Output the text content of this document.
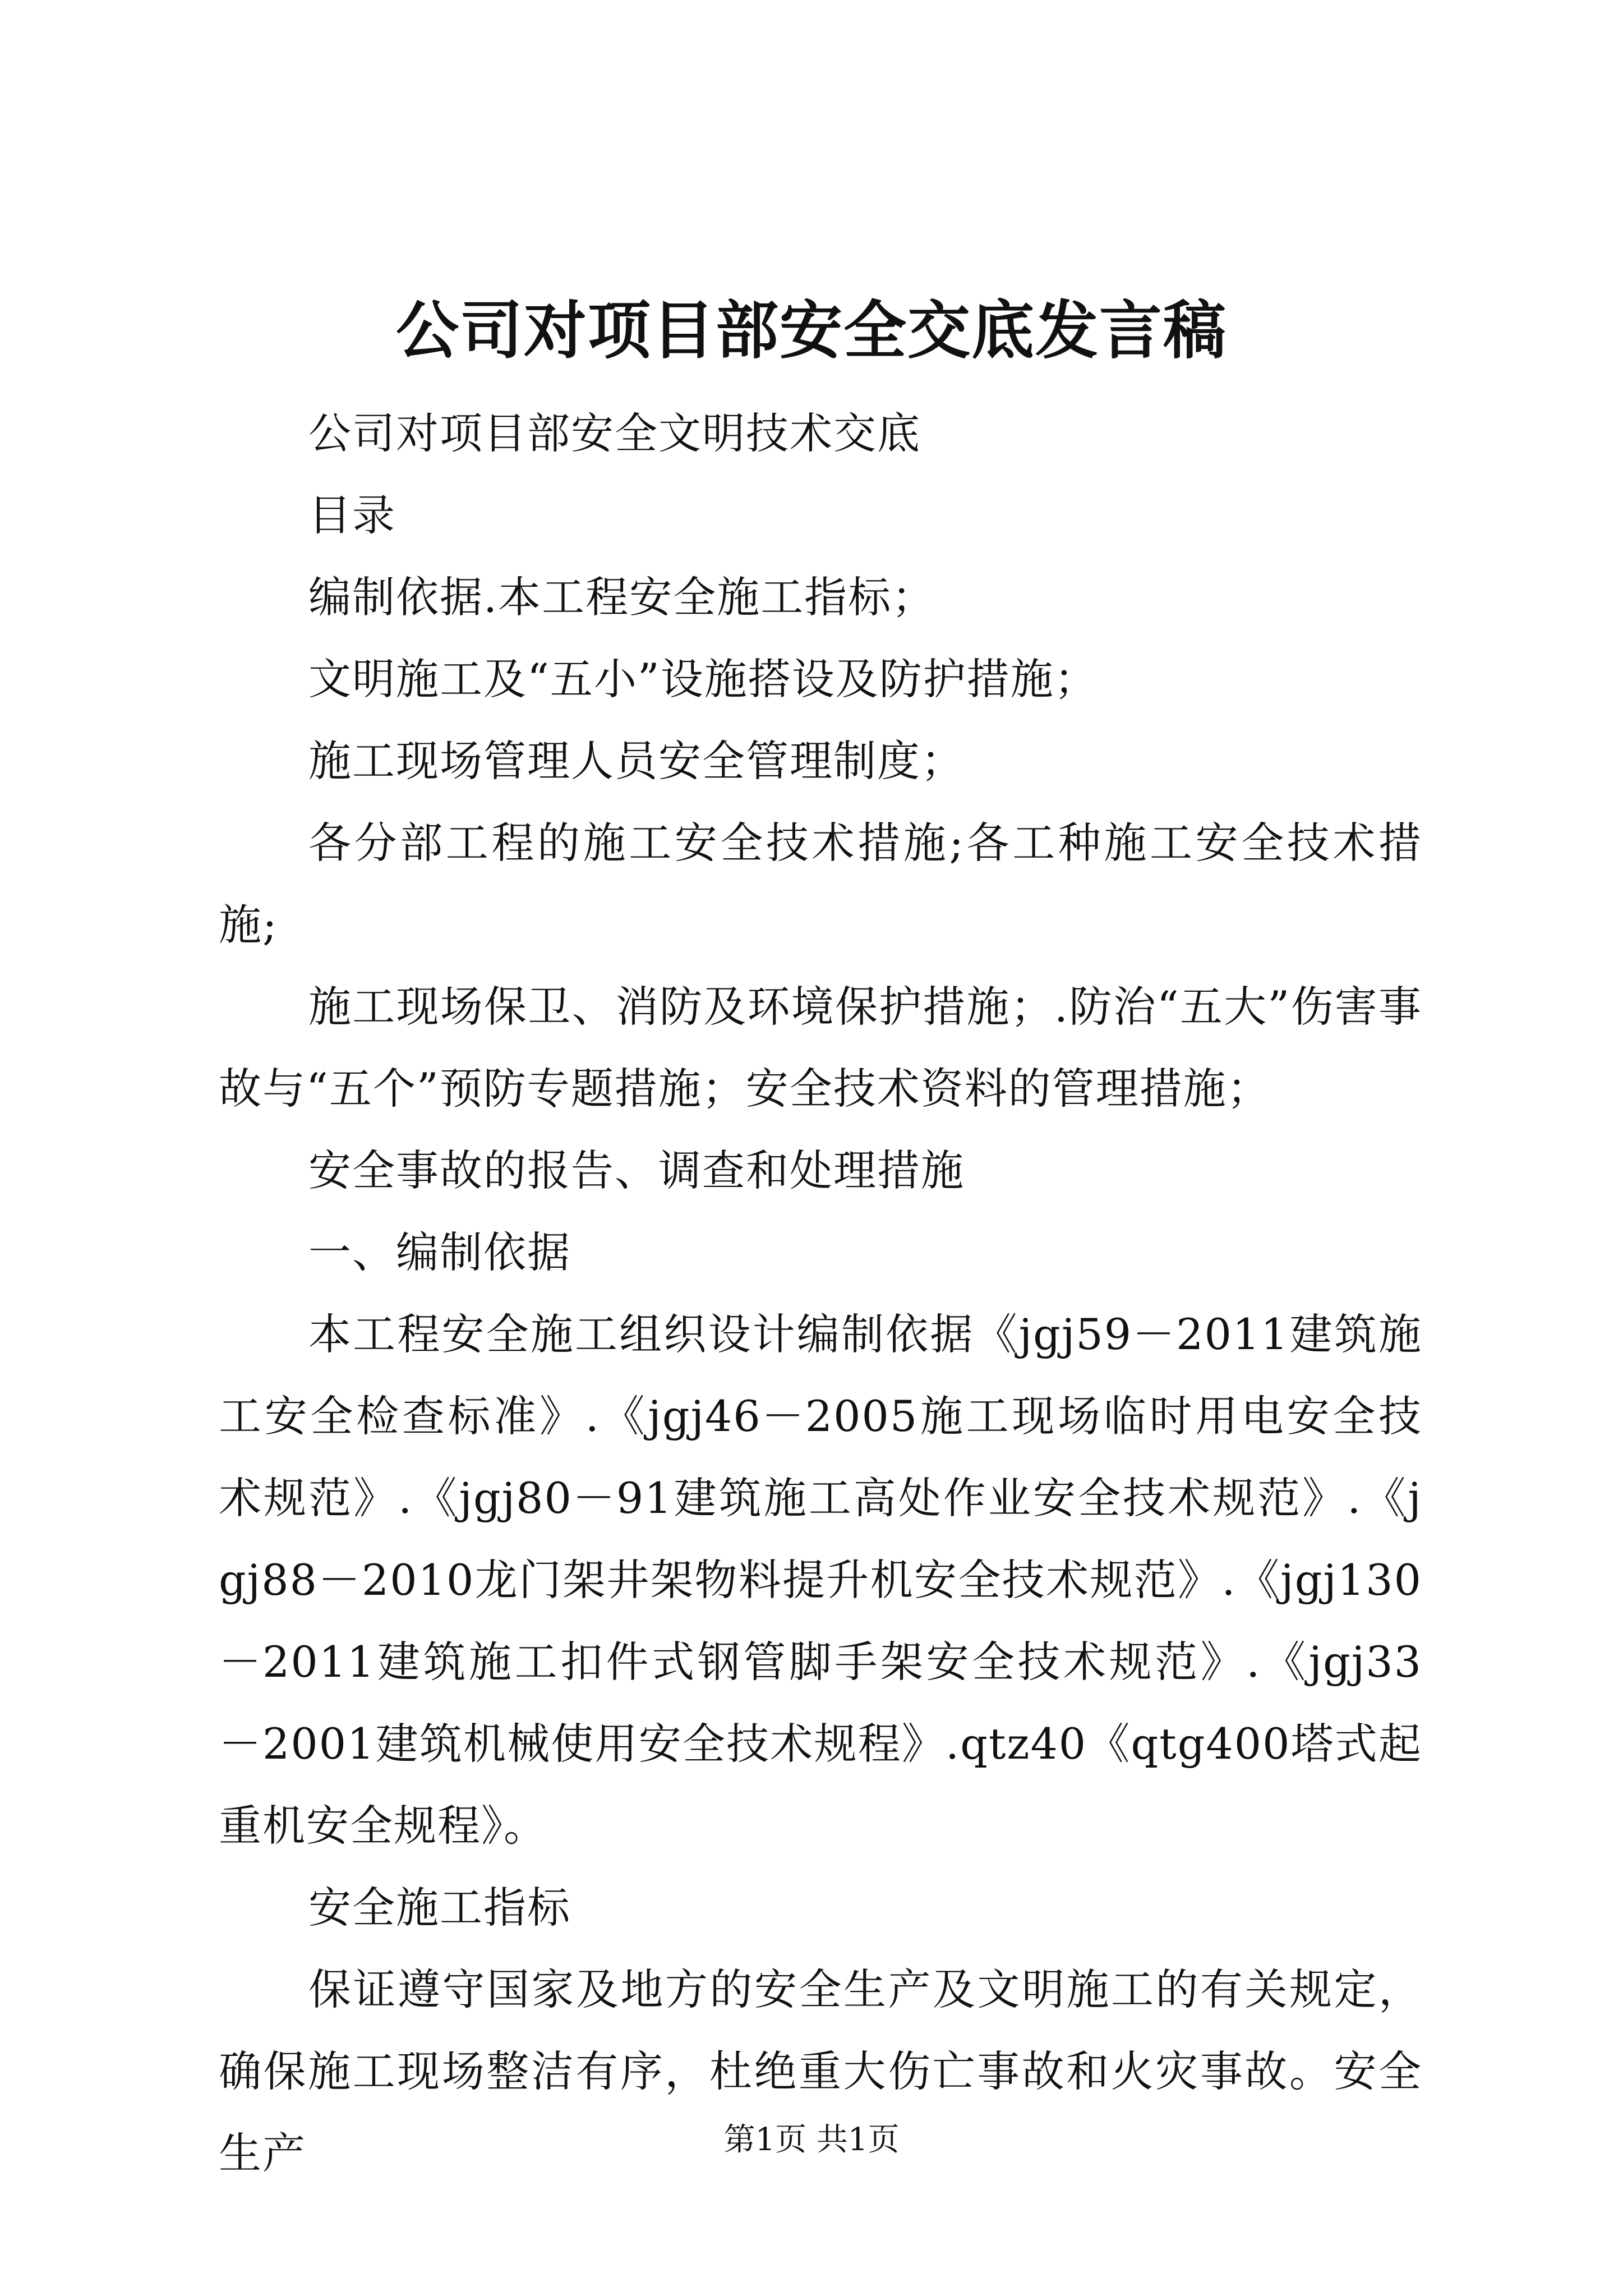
公司对项目部安全交底发言稿

公司对项目部安全文明技术交底

目录

编制依据.本工程安全施工指标；

文明施工及“五小”设施搭设及防护措施；

施工现场管理人员安全管理制度；

各分部工程的施工安全技术措施;各工种施工安全技术措施;

施工现场保卫、消防及环境保护措施；.防治“五大”伤害事故与“五个”预防专题措施；安全技术资料的管理措施；

安全事故的报告、调查和处理措施

一、编制依据

本工程安全施工组织设计编制依据《jgj59－2011建筑施工安全检查标准》.《jgj46－2005施工现场临时用电安全技术规范》.《jgj80－91建筑施工高处作业安全技术规范》.《jgj88－2010龙门架井架物料提升机安全技术规范》.《jgj130－2011建筑施工扣件式钢管脚手架安全技术规范》.《jgj33－2001建筑机械使用安全技术规程》.qtz40《qtg400塔式起重机安全规程》。

安全施工指标

保证遵守国家及地方的安全生产及文明施工的有关规定，确保施工现场整洁有序，杜绝重大伤亡事故和火灾事故。安全生产	第1页 共1页
